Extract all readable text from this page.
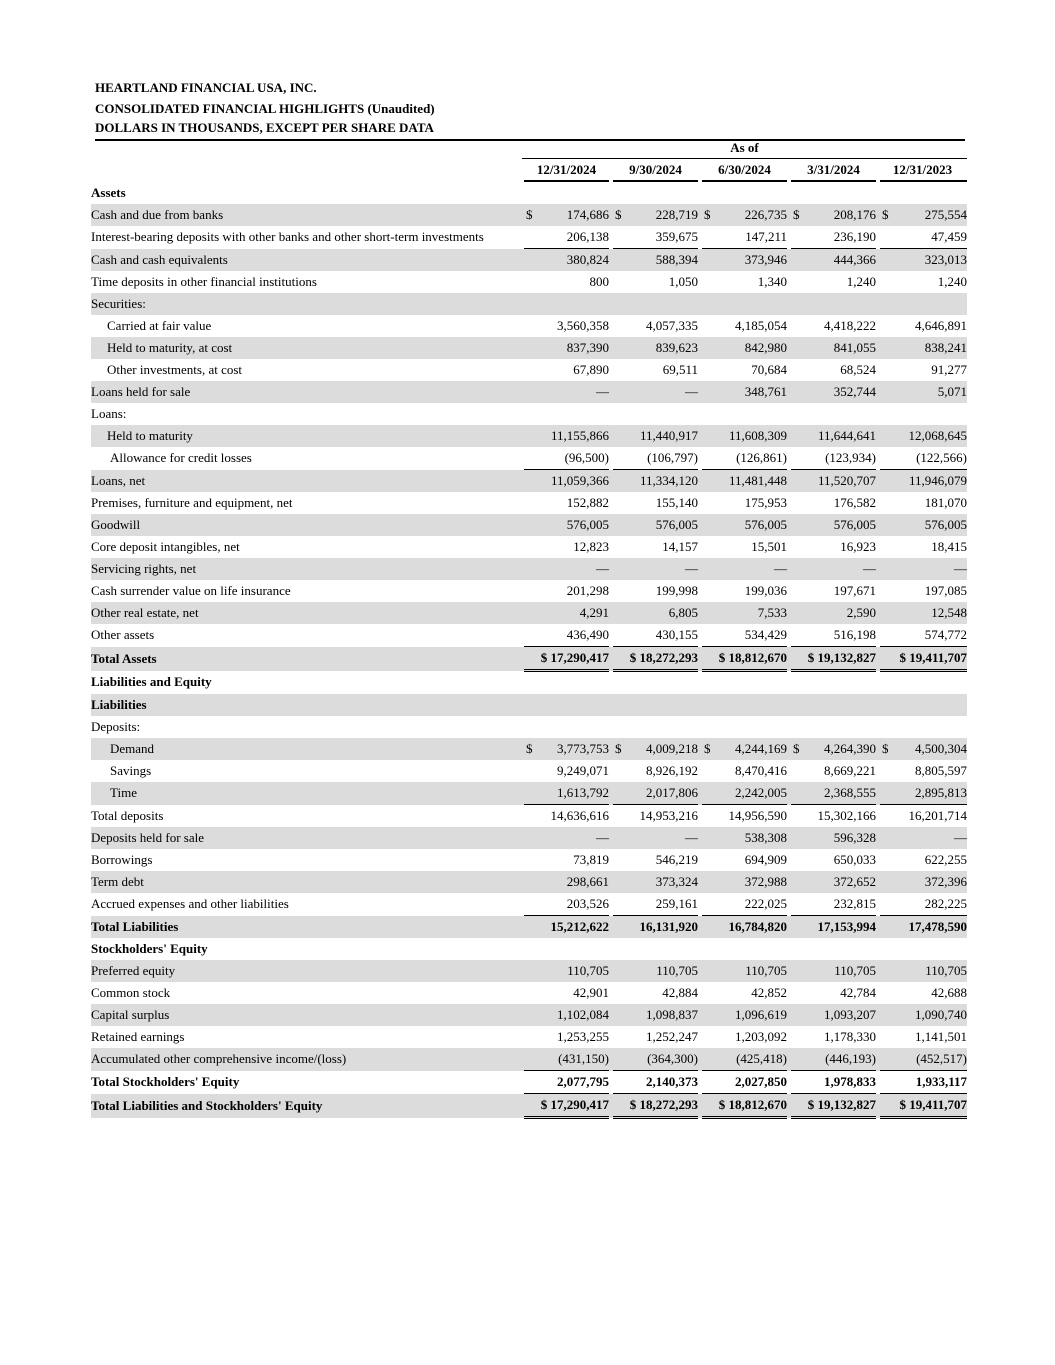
HEARTLAND FINANCIAL USA, INC.
CONSOLIDATED FINANCIAL HIGHLIGHTS (Unaudited)
DOLLARS IN THOUSANDS, EXCEPT PER SHARE DATA
	As of				
	12/31/2024	9/30/2024	6/30/2024	3/31/2024	12/31/2023
Assets					
Cash and due from banks	$ 174,686	$ 228,719	$ 226,735	$ 208,176	$ 275,554
Interest-bearing deposits with other banks and other short-term investments	206,138	359,675	147,211	236,190	47,459
Cash and cash equivalents	380,824	588,394	373,946	444,366	323,013
Time deposits in other financial institutions	800	1,050	1,340	1,240	1,240
Securities:					
Carried at fair value	3,560,358	4,057,335	4,185,054	4,418,222	4,646,891
Held to maturity, at cost	837,390	839,623	842,980	841,055	838,241
Other investments, at cost	67,890	69,511	70,684	68,524	91,277
Loans held for sale	—	—	348,761	352,744	5,071
Loans:					
Held to maturity	11,155,866	11,440,917	11,608,309	11,644,641	12,068,645
Allowance for credit losses	(96,500)	(106,797)	(126,861)	(123,934)	(122,566)
Loans, net	11,059,366	11,334,120	11,481,448	11,520,707	11,946,079
Premises, furniture and equipment, net	152,882	155,140	175,953	176,582	181,070
Goodwill	576,005	576,005	576,005	576,005	576,005
Core deposit intangibles, net	12,823	14,157	15,501	16,923	18,415
Servicing rights, net	—	—	—	—	—
Cash surrender value on life insurance	201,298	199,998	199,036	197,671	197,085
Other real estate, net	4,291	6,805	7,533	2,590	12,548
Other assets	436,490	430,155	534,429	516,198	574,772
Total Assets	$ 17,290,417	$ 18,272,293	$ 18,812,670	$ 19,132,827	$ 19,411,707
Liabilities and Equity					
Liabilities					
Deposits:					
Demand	$ 3,773,753	$ 4,009,218	$ 4,244,169	$ 4,264,390	$ 4,500,304
Savings	9,249,071	8,926,192	8,470,416	8,669,221	8,805,597
Time	1,613,792	2,017,806	2,242,005	2,368,555	2,895,813
Total deposits	14,636,616	14,953,216	14,956,590	15,302,166	16,201,714
Deposits held for sale	—	—	538,308	596,328	—
Borrowings	73,819	546,219	694,909	650,033	622,255
Term debt	298,661	373,324	372,988	372,652	372,396
Accrued expenses and other liabilities	203,526	259,161	222,025	232,815	282,225
Total Liabilities	15,212,622	16,131,920	16,784,820	17,153,994	17,478,590
Stockholders' Equity					
Preferred equity	110,705	110,705	110,705	110,705	110,705
Common stock	42,901	42,884	42,852	42,784	42,688
Capital surplus	1,102,084	1,098,837	1,096,619	1,093,207	1,090,740
Retained earnings	1,253,255	1,252,247	1,203,092	1,178,330	1,141,501
Accumulated other comprehensive income/(loss)	(431,150)	(364,300)	(425,418)	(446,193)	(452,517)
Total Stockholders' Equity	2,077,795	2,140,373	2,027,850	1,978,833	1,933,117
Total Liabilities and Stockholders' Equity	$ 17,290,417	$ 18,272,293	$ 18,812,670	$ 19,132,827	$ 19,411,707
